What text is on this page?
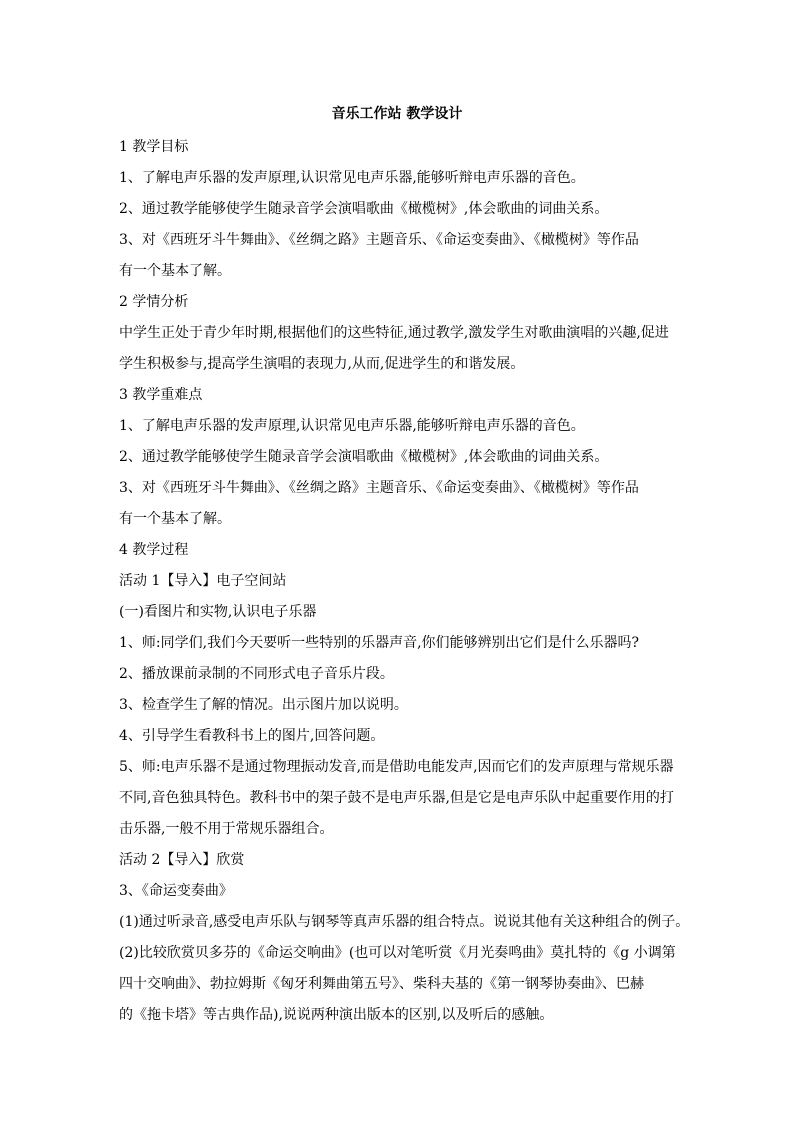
音乐工作站 教学设计

1 教学目标

1、了解电声乐器的发声原理,认识常见电声乐器,能够听辩电声乐器的音色。

2、通过教学能够使学生随录音学会演唱歌曲《橄榄树》,体会歌曲的词曲关系。

3、对《西班牙斗牛舞曲》、《丝绸之路》主题音乐、《命运变奏曲》、《橄榄树》等作品

有一个基本了解。

2 学情分析

中学生正处于青少年时期,根据他们的这些特征,通过教学,激发学生对歌曲演唱的兴趣,促进

学生积极参与,提高学生演唱的表现力,从而,促进学生的和谐发展。

3 教学重难点

1、了解电声乐器的发声原理,认识常见电声乐器,能够听辩电声乐器的音色。

2、通过教学能够使学生随录音学会演唱歌曲《橄榄树》,体会歌曲的词曲关系。

3、对《西班牙斗牛舞曲》、《丝绸之路》主题音乐、《命运变奏曲》、《橄榄树》等作品

有一个基本了解。

4 教学过程

活动 1【导入】电子空间站

(一)看图片和实物,认识电子乐器

1、师:同学们,我们今天要听一些特别的乐器声音,你们能够辨别出它们是什么乐器吗?

2、播放课前录制的不同形式电子音乐片段。

3、检查学生了解的情况。出示图片加以说明。

4、引导学生看教科书上的图片,回答问题。

5、师:电声乐器不是通过物理振动发音,而是借助电能发声,因而它们的发声原理与常规乐器

不同,音色独具特色。教科书中的架子鼓不是电声乐器,但是它是电声乐队中起重要作用的打

击乐器,一般不用于常规乐器组合。

活动 2【导入】欣赏

3、《命运变奏曲》

(1)通过听录音,感受电声乐队与钢琴等真声乐器的组合特点。说说其他有关这种组合的例子。

(2)比较欣赏贝多芬的《命运交响曲》(也可以对笔听赏《月光奏鸣曲》莫扎特的《g 小调第

四十交响曲》、勃拉姆斯《匈牙利舞曲第五号》、柴科夫基的《第一钢琴协奏曲》、巴赫

的《拖卡塔》等古典作品),说说两种演出版本的区别,以及听后的感触。
